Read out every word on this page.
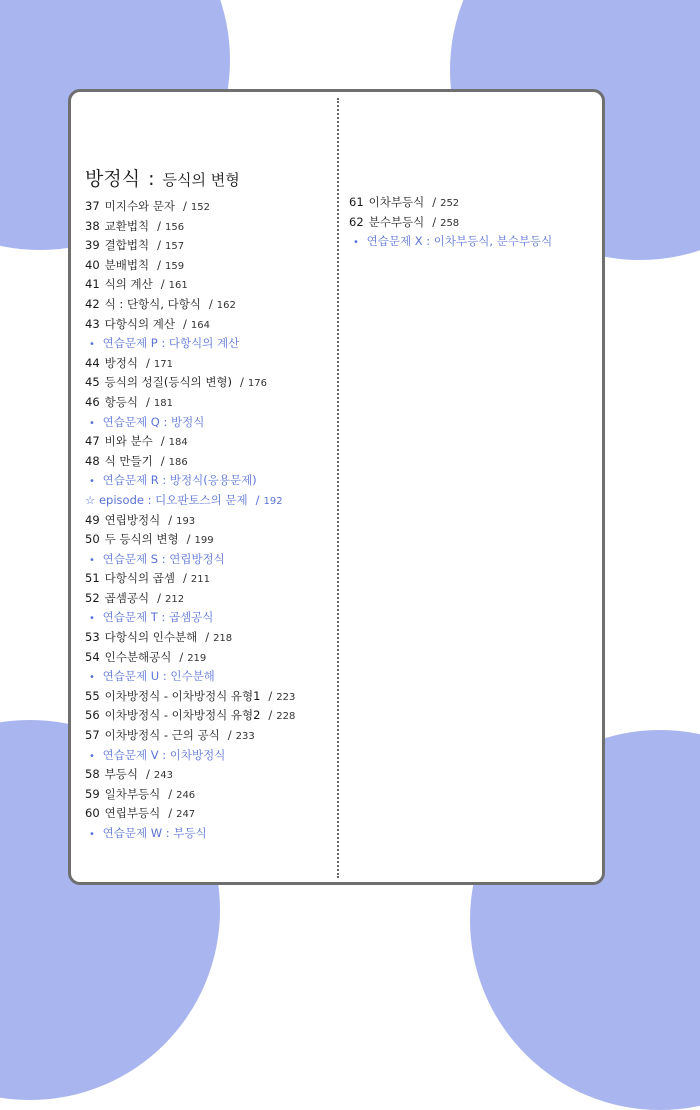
방정식 : 등식의 변형
37 미지수와 문자 / 152
38 교환법칙 / 156
39 결합법칙 / 157
40 분배법칙 / 159
41 식의 계산 / 161
42 식 : 단항식, 다항식 / 162
43 다항식의 계산 / 164
• 연습문제 P : 다항식의 계산
44 방정식 / 171
45 등식의 성질(등식의 변형) / 176
46 항등식 / 181
• 연습문제 Q : 방정식
47 비와 분수 / 184
48 식 만들기 / 186
• 연습문제 R : 방정식(응용문제)
☆ episode : 디오판토스의 문제 / 192
49 연립방정식 / 193
50 두 등식의 변형 / 199
• 연습문제 S : 연립방정식
51 다항식의 곱셈 / 211
52 곱셈공식 / 212
• 연습문제 T : 곱셈공식
53 다항식의 인수분해 / 218
54 인수분해공식 / 219
• 연습문제 U : 인수분해
55 이차방정식 - 이차방정식 유형1 / 223
56 이차방정식 - 이차방정식 유형2 / 228
57 이차방정식 - 근의 공식 / 233
• 연습문제 V : 이차방정식
58 부등식 / 243
59 일차부등식 / 246
60 연립부등식 / 247
• 연습문제 W : 부등식
61 이차부등식 / 252
62 분수부등식 / 258
• 연습문제 X : 이차부등식, 분수부등식
